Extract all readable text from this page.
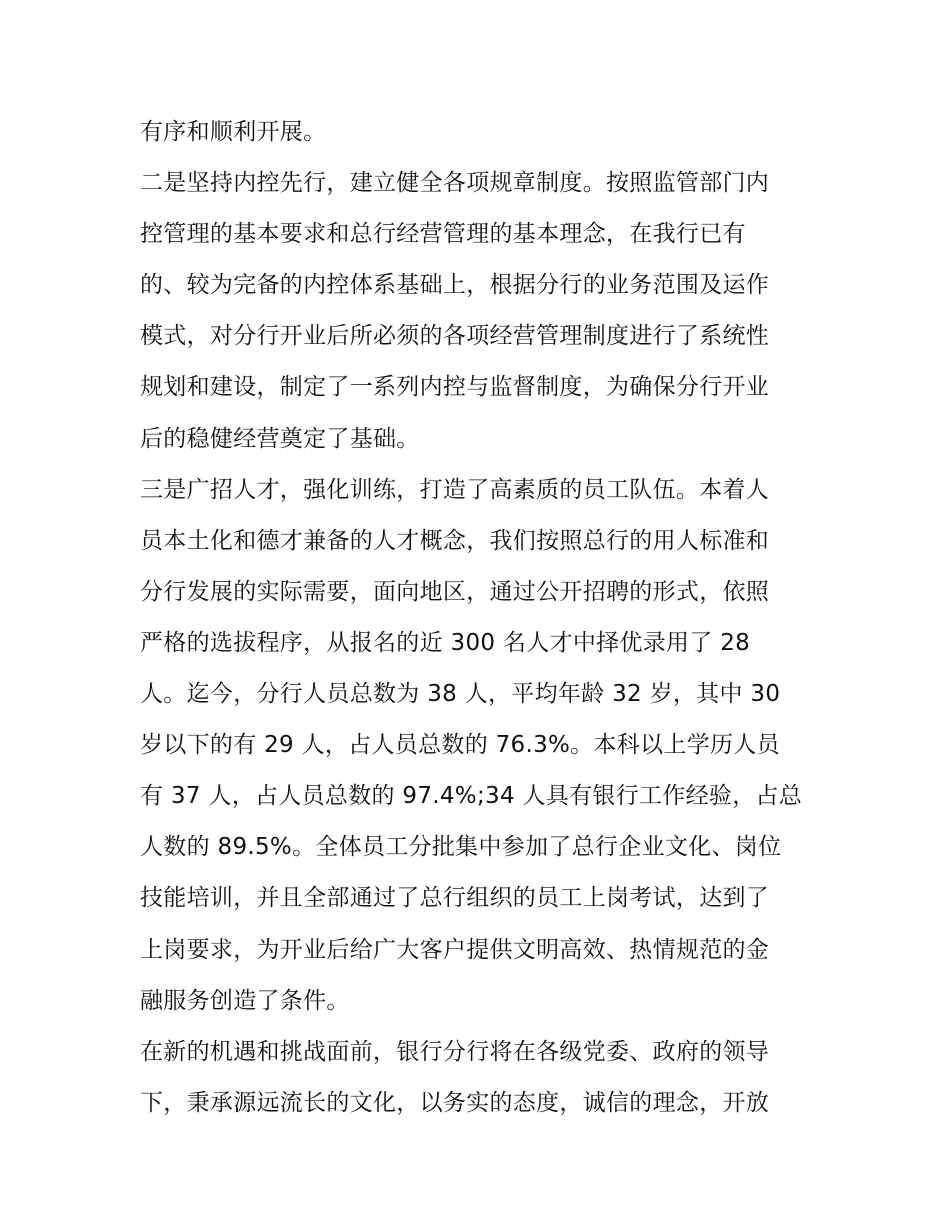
有序和顺利开展。
二是坚持内控先行，建立健全各项规章制度。按照监管部门内
控管理的基本要求和总行经营管理的基本理念，在我行已有
的、较为完备的内控体系基础上，根据分行的业务范围及运作
模式，对分行开业后所必须的各项经营管理制度进行了系统性
规划和建设，制定了一系列内控与监督制度，为确保分行开业
后的稳健经营奠定了基础。
三是广招人才，强化训练，打造了高素质的员工队伍。本着人
员本土化和德才兼备的人才概念，我们按照总行的用人标准和
分行发展的实际需要，面向地区，通过公开招聘的形式，依照
严格的选拔程序，从报名的近 300 名人才中择优录用了 28
人。迄今，分行人员总数为 38 人，平均年龄 32 岁，其中 30
岁以下的有 29 人，占人员总数的 76.3%。本科以上学历人员
有 37 人，占人员总数的 97.4%;34 人具有银行工作经验，占总
人数的 89.5%。全体员工分批集中参加了总行企业文化、岗位
技能培训，并且全部通过了总行组织的员工上岗考试，达到了
上岗要求，为开业后给广大客户提供文明高效、热情规范的金
融服务创造了条件。
在新的机遇和挑战面前，银行分行将在各级党委、政府的领导
下，秉承源远流长的文化，以务实的态度，诚信的理念，开放
